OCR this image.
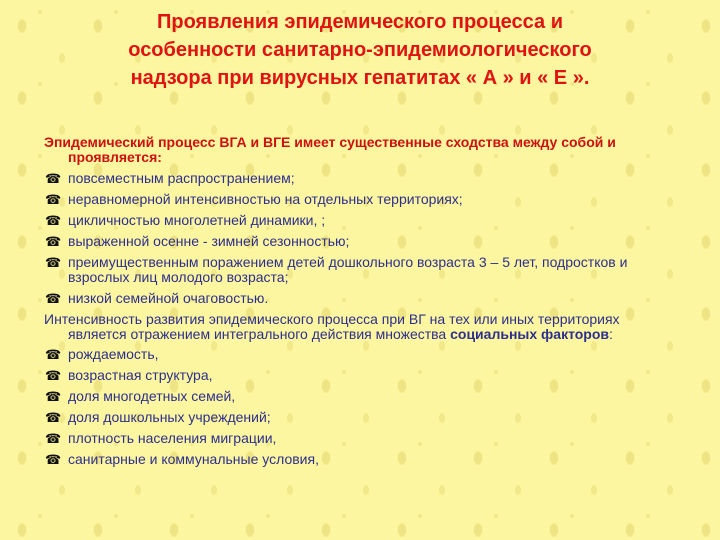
Проявления эпидемического процесса и
особенности санитарно-эпидемиологического
надзора при вирусных гепатитах « А » и « Е ».

Эпидемический процесс ВГА и ВГЕ имеет существенные сходства между собой и проявляется:

☎ повсеместным распространением;
☎ неравномерной интенсивностью на отдельных территориях;
☎ цикличностью многолетней динамики, ;
☎ выраженной осенне - зимней сезонностью;
☎ преимущественным поражением детей дошкольного возраста 3 – 5 лет, подростков и взрослых лиц молодого возраста;
☎ низкой семейной очаговостью.

Интенсивность развития эпидемического процесса при ВГ на тех или иных территориях является отражением интегрального действия множества социальных факторов:

☎ рождаемость,
☎ возрастная структура,
☎ доля многодетных семей,
☎ доля дошкольных учреждений;
☎ плотность населения миграции,
☎ санитарные и коммунальные условия,
